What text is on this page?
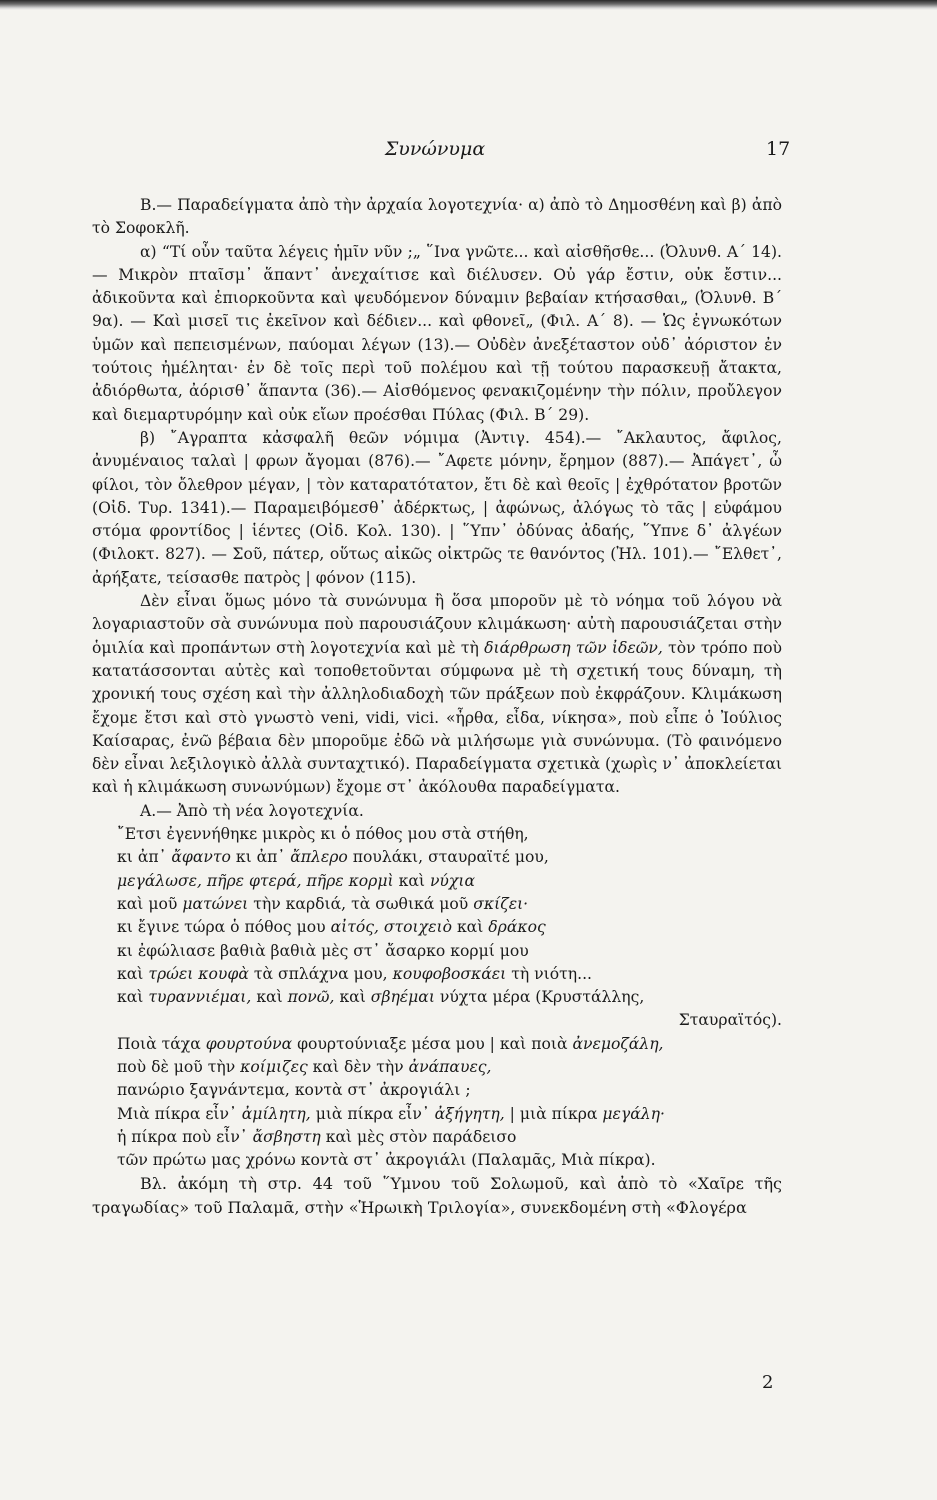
Συνώνυμα	17

Β.— Παραδείγματα ἀπὸ τὴν ἀρχαία λογοτεχνία· α) ἀπὸ τὸ Δημοσθένη καὶ β) ἀπὸ τὸ Σοφοκλῆ.

α) “Τί οὖν ταῦτα λέγεις ἡμῖν νῦν ;„ ῞Ινα γνῶτε... καὶ αἰσθῆσθε... (Ὀλυνθ. Α΄ 14). — Μικρὸν πταῖσμ᾽ ἅπαντ᾽ ἀνεχαίτισε καὶ διέλυσεν. Οὐ γάρ ἔστιν, οὐκ ἔστιν... ἀδικοῦντα καὶ ἐπιορκοῦντα καὶ ψευδόμενον δύναμιν βεβαίαν κτήσασθαι„ (Ὀλυνθ. Β΄ 9α). — Καὶ μισεῖ τις ἐκεῖνον καὶ δέδιεν... καὶ φθονεῖ„ (Φιλ. Α΄ 8). — Ὡς ἐγνωκότων ὑμῶν καὶ πεπεισμένων, παύομαι λέγων (13).— Οὐδὲν ἀνεξέταστον οὐδ᾽ ἀόριστον ἐν τούτοις ἠμέληται· ἐν δὲ τοῖς περὶ τοῦ πολέμου καὶ τῇ τούτου παρασκευῇ ἄτακτα, ἀδιόρθωτα, ἀόρισθ᾽ ἅπαντα (36).— Αἰσθόμενος φενακιζομένην τὴν πόλιν, προὔλεγον καὶ διεμαρτυρόμην καὶ οὐκ εἴων προέσθαι Πύλας (Φιλ. Β΄ 29).

β) ῎Αγραπτα κἀσφαλῆ θεῶν νόμιμα (Ἀντιγ. 454).— ῎Ακλαυτος, ἄφιλος, ἀνυμέναιος ταλαὶ | φρων ἄγομαι (876).— ῎Αφετε μόνην, ἔρημον (887).— Ἀπάγετ᾽, ὦ φίλοι, τὸν ὄλεθρον μέγαν, | τὸν καταρατότατον, ἔτι δὲ καὶ θεοῖς | ἐχθρότατον βροτῶν (Οἰδ. Τυρ. 1341).— Παραμειβόμεσθ᾽ ἀδέρκτως, | ἀφώνως, ἀλόγως τὸ τᾶς | εὐφάμου στόμα φροντίδος | ἱέντες (Οἰδ. Κολ. 130). | ῞Υπν᾽ ὀδύνας ἀδαής, ῞Υπνε δ᾽ ἀλγέων (Φιλοκτ. 827). — Σοῦ, πάτερ, οὕτως αἰκῶς οἰκτρῶς τε θανόντος (Ἠλ. 101).— ῎Ελθετ᾽, ἀρήξατε, τείσασθε πατρὸς | φόνον (115).

Δὲν εἶναι ὅμως μόνο τὰ συνώνυμα ἢ ὅσα μποροῦν μὲ τὸ νόημα τοῦ λόγου νὰ λογαριαστοῦν σὰ συνώνυμα ποὺ παρουσιάζουν κλιμάκωση· αὐτὴ παρουσιάζεται στὴν ὁμιλία καὶ προπάντων στὴ λογοτεχνία καὶ μὲ τὴ διάρθρωση τῶν ἰδεῶν, τὸν τρόπο ποὺ κατατάσσονται αὐτὲς καὶ τοποθετοῦνται σύμφωνα μὲ τὴ σχετική τους δύναμη, τὴ χρονική τους σχέση καὶ τὴν ἀλληλοδιαδοχὴ τῶν πράξεων ποὺ ἐκφράζουν. Κλιμάκωση ἔχομε ἔτσι καὶ στὸ γνωστὸ veni, vidi, vici. «ἦρθα, εἶδα, νίκησα», ποὺ εἶπε ὁ Ἰούλιος Καίσαρας, ἐνῶ βέβαια δὲν μποροῦμε ἐδῶ νὰ μιλήσωμε γιὰ συνώνυμα. (Τὸ φαινόμενο δὲν εἶναι λεξιλογικὸ ἀλλὰ συνταχτικό). Παραδείγματα σχετικὰ (χωρὶς ν᾽ ἀποκλείεται καὶ ἡ κλιμάκωση συνωνύμων) ἔχομε στ᾽ ἀκόλουθα παραδείγματα.

Α.— Ἀπὸ τὴ νέα λογοτεχνία.

῎Ετσι ἐγεννήθηκε μικρὸς κι ὁ πόθος μου στὰ στήθη,
κι ἀπ᾽ ἄφαντο κι ἀπ᾽ ἄπλερο πουλάκι, σταυραϊτέ μου,
μεγάλωσε, πῆρε φτερά, πῆρε κορμὶ καὶ νύχια
καὶ μοῦ ματώνει τὴν καρδιά, τὰ σωθικά μοῦ σκίζει·
κι ἔγινε τώρα ὁ πόθος μου αἰτός, στοιχειὸ καὶ δράκος
κι ἐφώλιασε βαθιὰ βαθιὰ μὲς στ᾽ ἄσαρκο κορμί μου
καὶ τρώει κουφὰ τὰ σπλάχνα μου, κουφοβοσκάει τὴ νιότη...
καὶ τυραννιέμαι, καὶ πονῶ, καὶ σβηέμαι νύχτα μέρα (Κρυστάλλης,
Σταυραϊτός).
Ποιὰ τάχα φουρτούνα φουρτούνιαξε μέσα μου | καὶ ποιὰ ἀνεμοζάλη,
ποὺ δὲ μοῦ τὴν κοίμιζες καὶ δὲν τὴν ἀνάπαυες,
πανώριο ξαγνάντεμα, κοντὰ στ᾽ ἀκρογιάλι ;
Μιὰ πίκρα εἶν᾽ ἀμίλητη, μιὰ πίκρα εἶν᾽ ἀξήγητη, | μιὰ πίκρα μεγάλη·
ἡ πίκρα ποὺ εἶν᾽ ἄσβηστη καὶ μὲς στὸν παράδεισο
τῶν πρώτω μας χρόνω κοντὰ στ᾽ ἀκρογιάλι (Παλαμᾶς, Μιὰ πίκρα).

Βλ. ἀκόμη τὴ στρ. 44 τοῦ ῞Υμνου τοῦ Σολωμοῦ, καὶ ἀπὸ τὸ «Χαῖρε τῆς τραγωδίας» τοῦ Παλαμᾶ, στὴν «Ἡρωικὴ Τριλογία», συνεκδομένη στὴ «Φλογέρα

2
